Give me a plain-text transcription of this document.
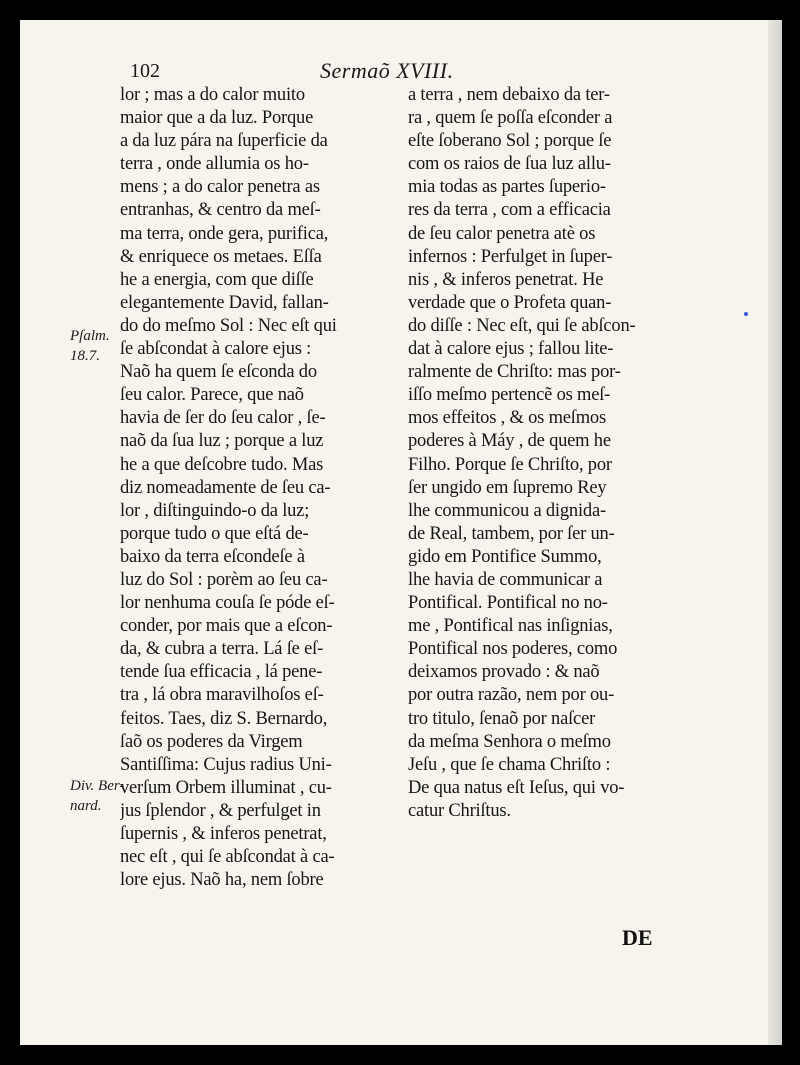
102	Sermaõ XVIII.
Pſalm. 18.7.
Div. Ber- nard.
lor ; mas a do calor muito
maior que a da luz. Porque
a da luz pára na ſuperficie da
terra , onde allumia os ho-
mens ; a do calor penetra as
entranhas, & centro da meſ-
ma terra, onde gera, purifica,
& enriquece os metaes. Eſſa
he a energia, com que diſſe
elegantemente David, fallan-
do do meſmo Sol : Nec eſt qui
ſe abſcondat à calore ejus :
Naõ ha quem ſe eſconda do
ſeu calor. Parece, que naõ
havia de ſer do ſeu calor , ſe-
naõ da ſua luz ; porque a luz
he a que deſcobre tudo. Mas
diz nomeadamente de ſeu ca-
lor , diſtinguindo-o da luz;
porque tudo o que eſtá de-
baixo da terra eſcondeſe à
luz do Sol : porèm ao ſeu ca-
lor nenhuma couſa ſe póde eſ-
conder, por mais que a eſcon-
da, & cubra a terra. Lá ſe eſ-
tende ſua efficacia , lá pene-
tra , lá obra maravilhoſos eſ-
feitos. Taes, diz S. Bernardo,
ſaõ os poderes da Virgem
Santiſſima: Cujus radius Uni-
verſum Orbem illuminat , cu-
jus ſplendor , & perfulget in
ſupernis , & inferos penetrat,
nec eſt , qui ſe abſcondat à ca-
lore ejus. Naõ ha, nem ſobre
a terra , nem debaixo da ter-
ra , quem ſe poſſa eſconder a
eſte ſoberano Sol ; porque ſe
com os raios de ſua luz allu-
mia todas as partes ſuperio-
res da terra , com a efficacia
de ſeu calor penetra atè os
infernos : Perfulget in ſuper-
nis , & inferos penetrat. He
verdade que o Profeta quan-
do diſſe : Nec eſt, qui ſe abſcon-
dat à calore ejus ; fallou lite-
ralmente de Chriſto: mas por-
iſſo meſmo pertencẽ os meſ-
mos effeitos , & os meſmos
poderes à Máy , de quem he
Filho. Porque ſe Chriſto, por
ſer ungido em ſupremo Rey
lhe communicou a dignida-
de Real, tambem, por ſer un-
gido em Pontifice Summo,
lhe havia de communicar a
Pontifical. Pontifical no no-
me , Pontifical nas inſignias,
Pontifical nos poderes, como
deixamos provado : & naõ
por outra razão, nem por ou-
tro titulo, ſenaõ por naſcer
da meſma Senhora o meſmo
Jeſu , que ſe chama Chriſto :
De qua natus eſt Ieſus, qui vo-
catur Chriſtus.
DE
